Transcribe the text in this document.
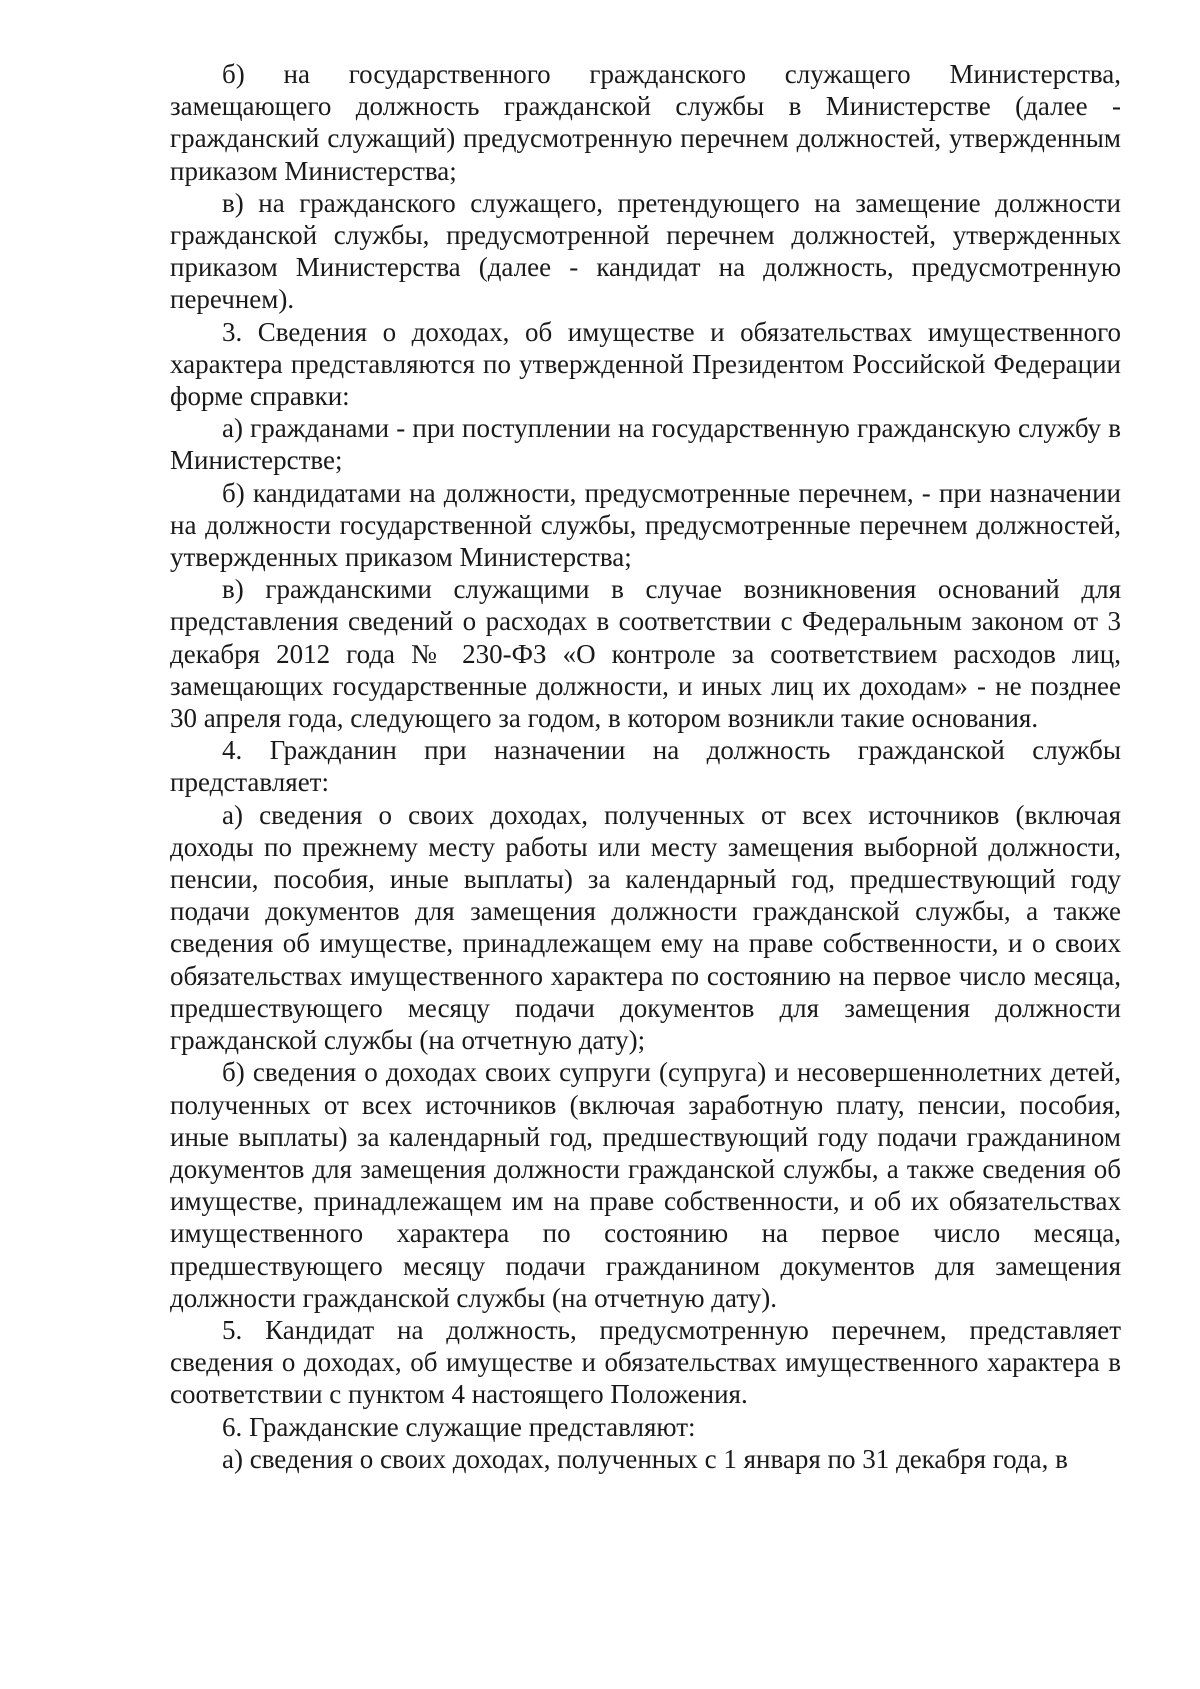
б) на государственного гражданского служащего Министерства, замещающего должность гражданской службы в Министерстве (далее - гражданский служащий) предусмотренную перечнем должностей, утвержденным приказом Министерства;

в) на гражданского служащего, претендующего на замещение должности гражданской службы, предусмотренной перечнем должностей, утвержденных приказом Министерства (далее - кандидат на должность, предусмотренную перечнем).

3. Сведения о доходах, об имуществе и обязательствах имущественного характера представляются по утвержденной Президентом Российской Федерации форме справки:

а) гражданами - при поступлении на государственную гражданскую службу в Министерстве;

б) кандидатами на должности, предусмотренные перечнем, - при назначении на должности государственной службы, предусмотренные перечнем должностей, утвержденных приказом Министерства;

в) гражданскими служащими в случае возникновения оснований для представления сведений о расходах в соответствии с Федеральным законом от 3 декабря 2012 года № 230-ФЗ «О контроле за соответствием расходов лиц, замещающих государственные должности, и иных лиц их доходам» - не позднее 30 апреля года, следующего за годом, в котором возникли такие основания.

4. Гражданин при назначении на должность гражданской службы представляет:

а) сведения о своих доходах, полученных от всех источников (включая доходы по прежнему месту работы или месту замещения выборной должности, пенсии, пособия, иные выплаты) за календарный год, предшествующий году подачи документов для замещения должности гражданской службы, а также сведения об имуществе, принадлежащем ему на праве собственности, и о своих обязательствах имущественного характера по состоянию на первое число месяца, предшествующего месяцу подачи документов для замещения должности гражданской службы (на отчетную дату);

б) сведения о доходах своих супруги (супруга) и несовершеннолетних детей, полученных от всех источников (включая заработную плату, пенсии, пособия, иные выплаты) за календарный год, предшествующий году подачи гражданином документов для замещения должности гражданской службы, а также сведения об имуществе, принадлежащем им на праве собственности, и об их обязательствах имущественного характера по состоянию на первое число месяца, предшествующего месяцу подачи гражданином документов для замещения должности гражданской службы (на отчетную дату).

5. Кандидат на должность, предусмотренную перечнем, представляет сведения о доходах, об имуществе и обязательствах имущественного характера в соответствии с пунктом 4 настоящего Положения.

6. Гражданские служащие представляют:

а) сведения о своих доходах, полученных с 1 января по 31 декабря года, в
